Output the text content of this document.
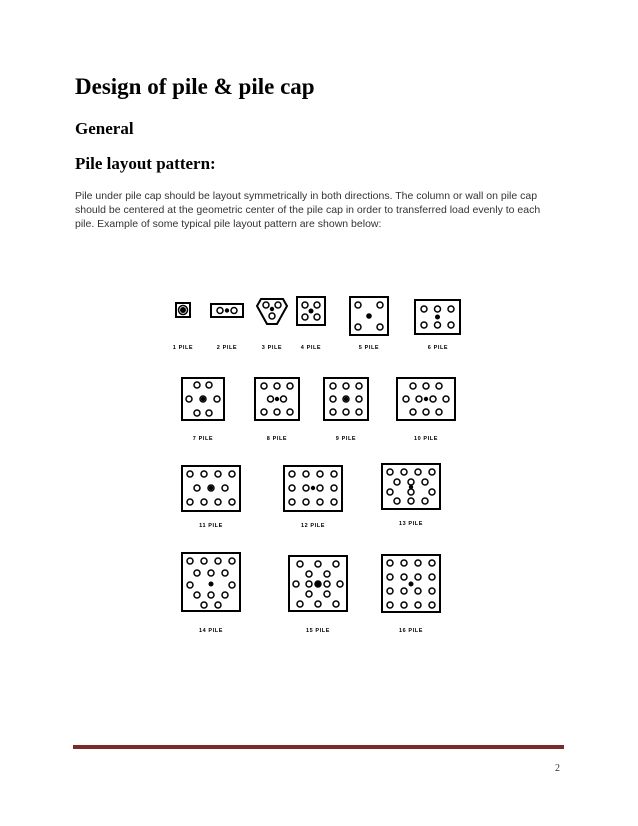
Design of pile & pile cap
General
Pile layout pattern:

Pile under pile cap should be layout symmetrically in both directions. The column or wall on pile cap should be centered at the geometric center of the pile cap in order to transferred load evenly to each pile. Example of some typical pile layout pattern are shown below:

1 PILE	2 PILE	3 PILE	4 PILE	5 PILE	6 PILE
7 PILE	8 PILE	9 PILE	10 PILE
11 PILE	12 PILE	13 PILE
14 PILE	15 PILE	16 PILE
2
